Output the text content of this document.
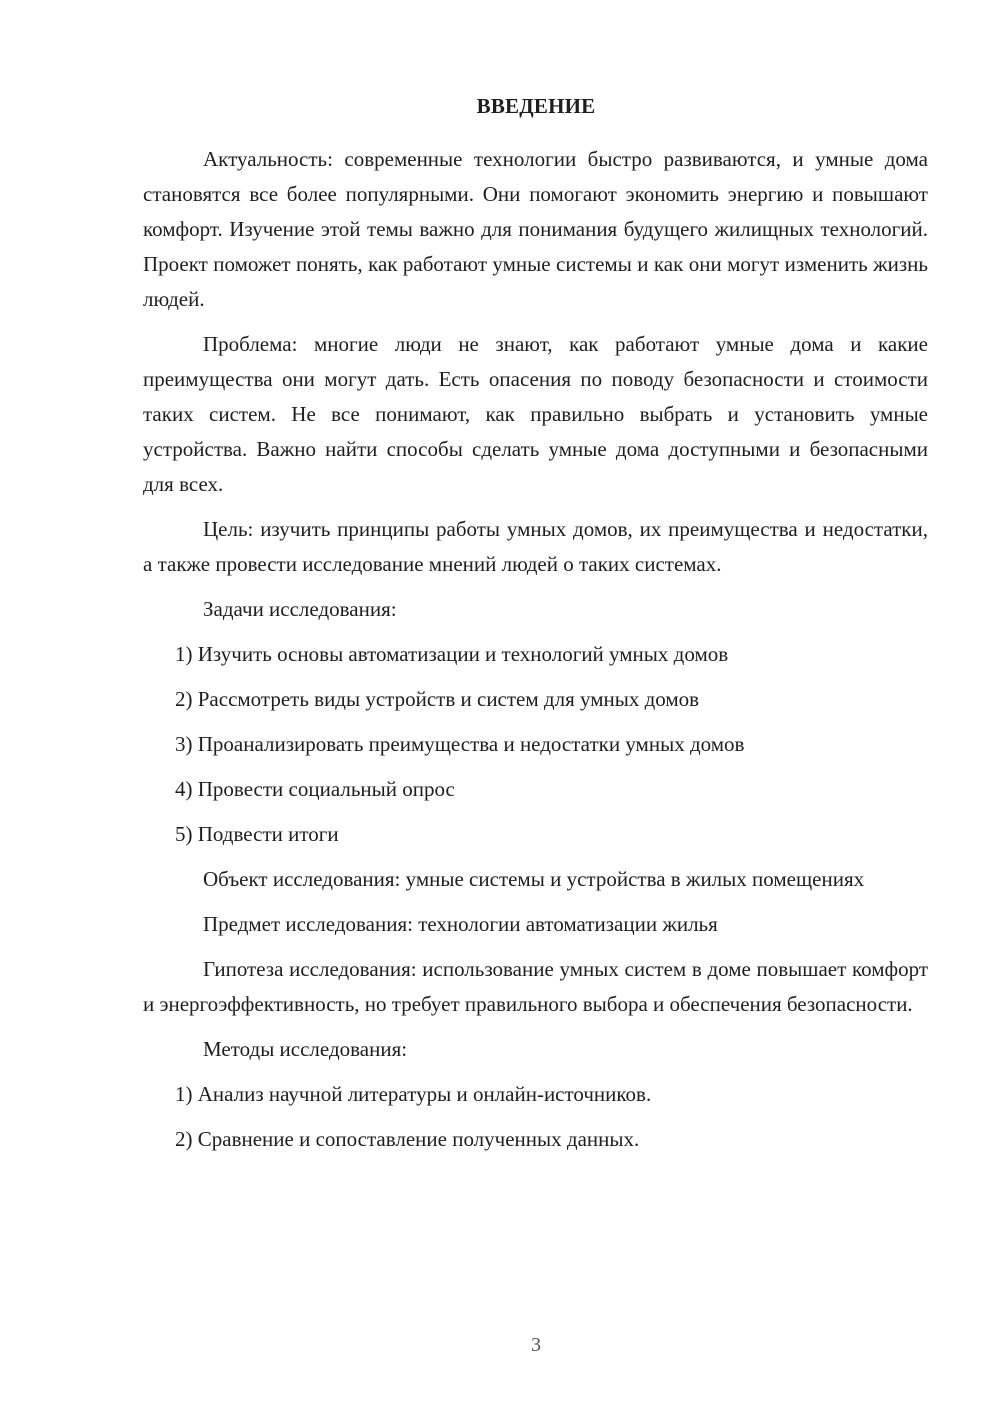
ВВЕДЕНИЕ

Актуальность: современные технологии быстро развиваются, и умные дома становятся все более популярными. Они помогают экономить энергию и повышают комфорт. Изучение этой темы важно для понимания будущего жилищных технологий. Проект поможет понять, как работают умные системы и как они могут изменить жизнь людей.

Проблема: многие люди не знают, как работают умные дома и какие преимущества они могут дать. Есть опасения по поводу безопасности и стоимости таких систем. Не все понимают, как правильно выбрать и установить умные устройства. Важно найти способы сделать умные дома доступными и безопасными для всех.

Цель: изучить принципы работы умных домов, их преимущества и недостатки, а также провести исследование мнений людей о таких системах.

Задачи исследования:

1) Изучить основы автоматизации и технологий умных домов

2) Рассмотреть виды устройств и систем для умных домов

3) Проанализировать преимущества и недостатки умных домов

4) Провести социальный опрос

5) Подвести итоги

Объект исследования: умные системы и устройства в жилых помещениях

Предмет исследования: технологии автоматизации жилья

Гипотеза исследования: использование умных систем в доме повышает комфорт и энергоэффективность, но требует правильного выбора и обеспечения безопасности.

Методы исследования:

1) Анализ научной литературы и онлайн-источников.

2) Сравнение и сопоставление полученных данных.

3
